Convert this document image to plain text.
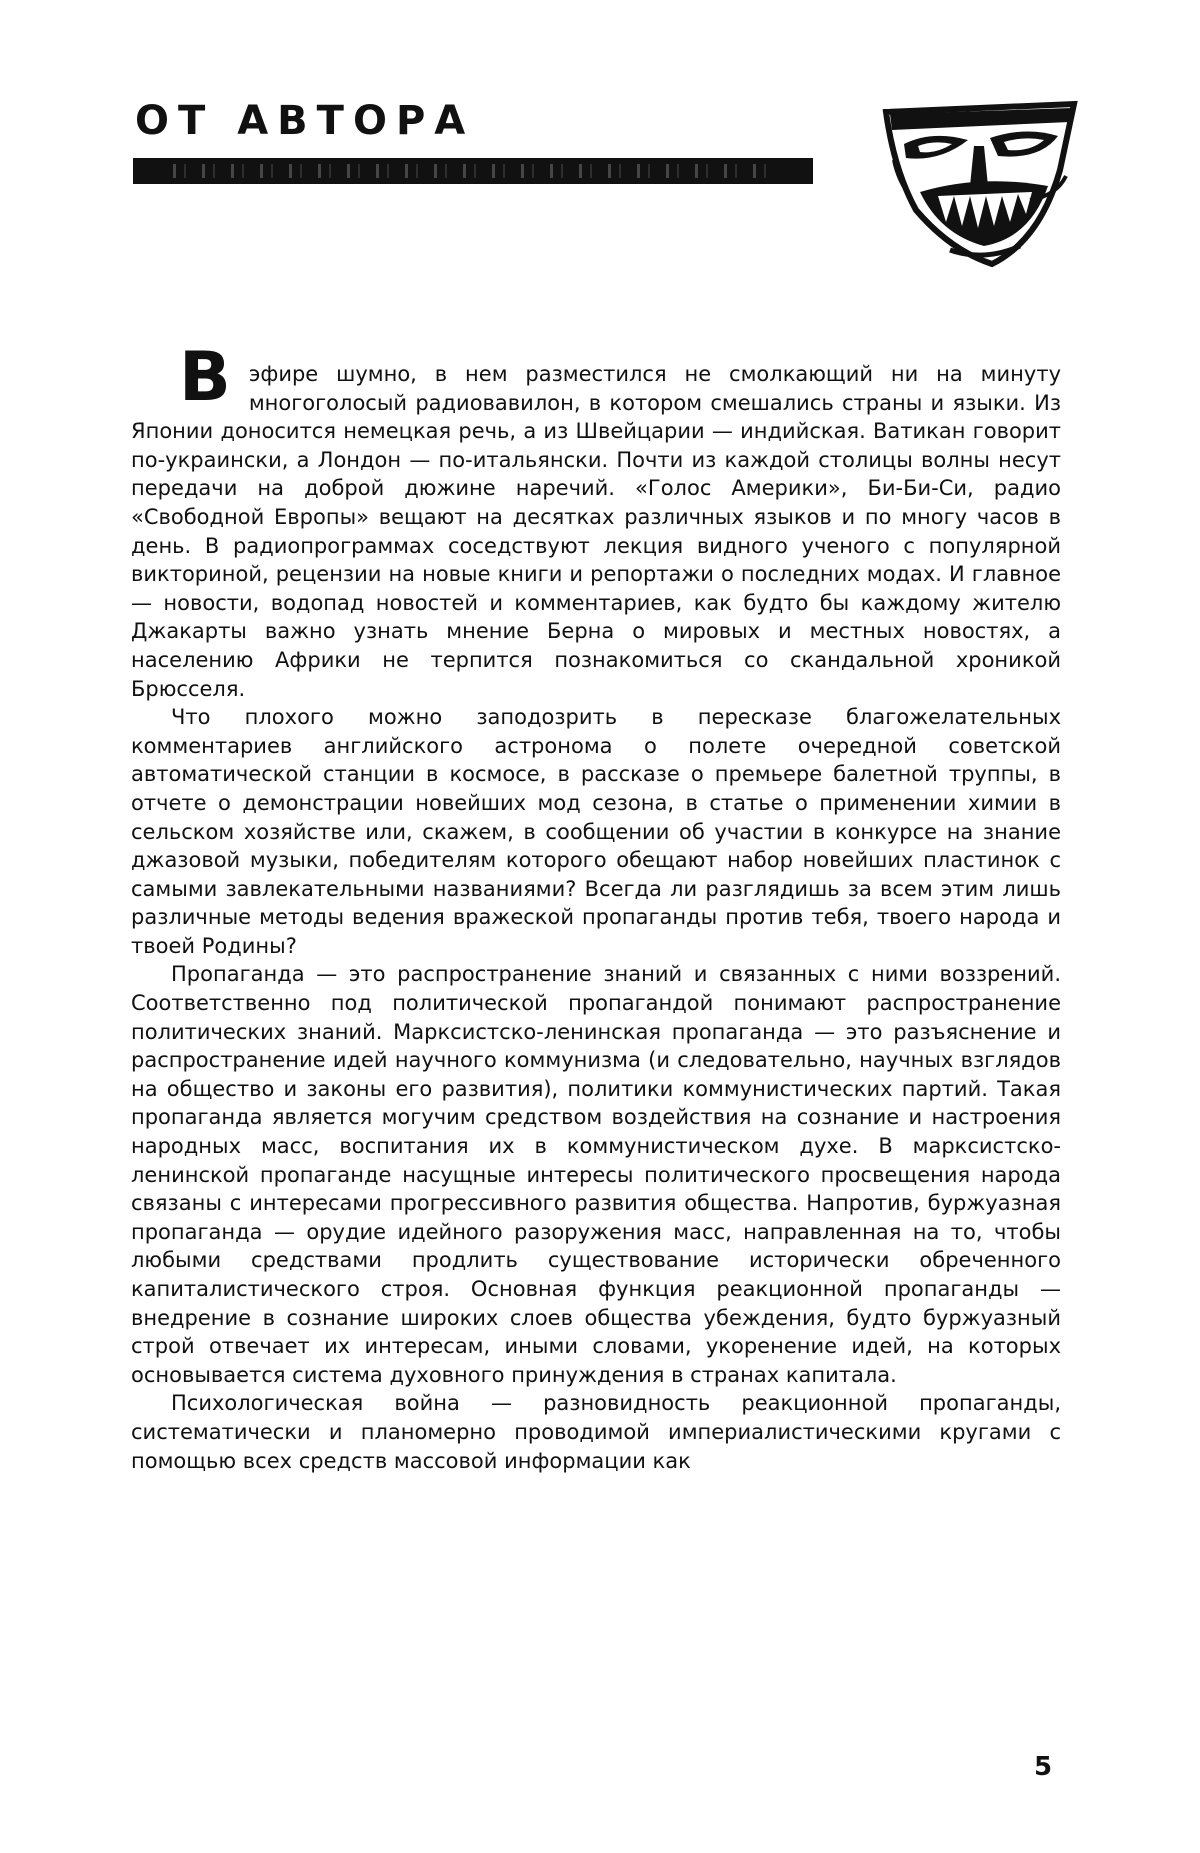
ОТ АВТОРА

В эфире шумно, в нем разместился не смолкающий ни на минуту многоголосый радиовавилон, в котором смешались страны и языки. Из Японии доносится немецкая речь, а из Швейцарии — индийская. Ватикан говорит по-украински, а Лондон — по-итальянски. Почти из каждой столицы волны несут передачи на доброй дюжине наречий. «Голос Америки», Би-Би-Си, радио «Свободной Европы» вещают на десятках различных языков и по многу часов в день. В радиопрограммах соседствуют лекция видного ученого с популярной викториной, рецензии на новые книги и репортажи о последних модах. И главное — новости, водопад новостей и комментариев, как будто бы каждому жителю Джакарты важно узнать мнение Берна о мировых и местных новостях, а населению Африки не терпится познакомиться со скандальной хроникой Брюсселя.

Что плохого можно заподозрить в пересказе благожелательных комментариев английского астронома о полете очередной советской автоматической станции в космосе, в рассказе о премьере балетной труппы, в отчете о демонстрации новейших мод сезона, в статье о применении химии в сельском хозяйстве или, скажем, в сообщении об участии в конкурсе на знание джазовой музыки, победителям которого обещают набор новейших пластинок с самыми завлекательными названиями? Всегда ли разглядишь за всем этим лишь различные методы ведения вражеской пропаганды против тебя, твоего народа и твоей Родины?

Пропаганда — это распространение знаний и связанных с ними воззрений. Соответственно под политической пропагандой понимают распространение политических знаний. Марксистско-ленинская пропаганда — это разъяснение и распространение идей научного коммунизма (и следовательно, научных взглядов на общество и законы его развития), политики коммунистических партий. Такая пропаганда является могучим средством воздействия на сознание и настроения народных масс, воспитания их в коммунистическом духе. В марксистско-ленинской пропаганде насущные интересы политического просвещения народа связаны с интересами прогрессивного развития общества. Напротив, буржуазная пропаганда — орудие идейного разоружения масс, направленная на то, чтобы любыми средствами продлить существование исторически обреченного капиталистического строя. Основная функция реакционной пропаганды — внедрение в сознание широких слоев общества убеждения, будто буржуазный строй отвечает их интересам, иными словами, укоренение идей, на которых основывается система духовного принуждения в странах капитала.

Психологическая война — разновидность реакционной пропаганды, систематически и планомерно проводимой империалистическими кругами с помощью всех средств массовой информации как

5
